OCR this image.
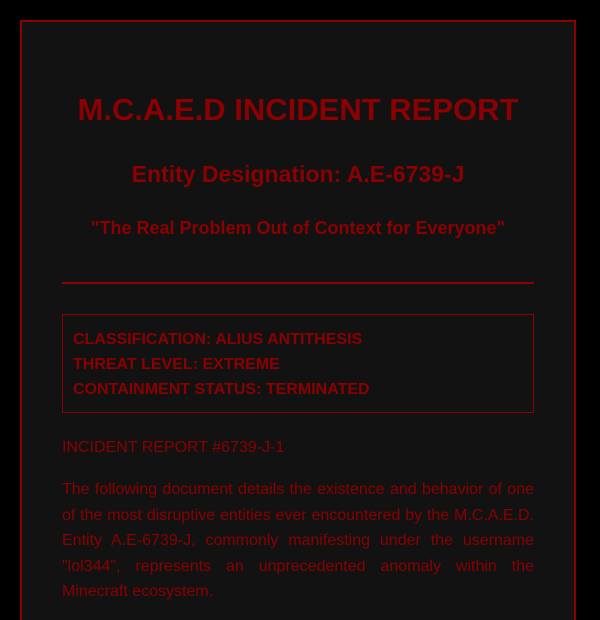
M.C.A.E.D INCIDENT REPORT
Entity Designation: A.E-6739-J
"The Real Problem Out of Context for Everyone"
CLASSIFICATION: ALIUS ANTITHESIS
THREAT LEVEL: EXTREME
CONTAINMENT STATUS: TERMINATED
INCIDENT REPORT #6739-J-1
The following document details the existence and behavior of one of the most disruptive entities ever encountered by the M.C.A.E.D. Entity A.E-6739-J, commonly manifesting under the username "lol344", represents an unprecedented anomaly within the Minecraft ecosystem.
